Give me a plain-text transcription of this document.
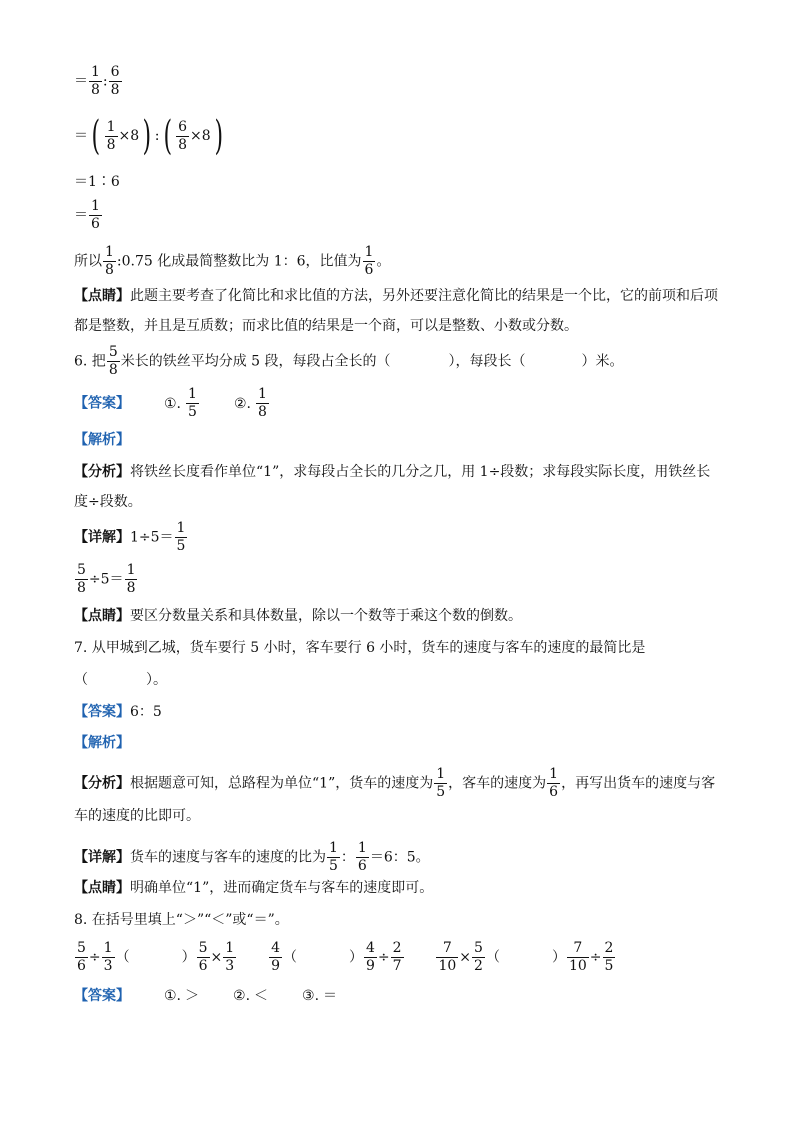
＝ $\frac{1}{8}$ : $\frac{6}{8}$
＝( $\frac{1}{8} \times 8$) :( $\frac{6}{8} \times 8$)
＝1∶6
＝ $\frac{1}{6}$
所以 $\frac{1}{8}$ :0.75 化成最简整数比为 1：6，比值为 $\frac{1}{6}$ 。
【点睛】此题主要考查了化简比和求比值的方法，另外还要注意化简比的结果是一个比，它的前项和后项
都是整数，并且是互质数；而求比值的结果是一个商，可以是整数、小数或分数。
6. 把 $\frac{5}{8}$ 米长的铁丝平均分成 5 段，每段占全长的（	），每段长（	）米。
【答案】 ①. $\frac{1}{5}$	②. $\frac{1}{8}$
【解析】
【分析】将铁丝长度看作单位“1”，求每段占全长的几分之几，用 1÷段数；求每段实际长度，用铁丝长
度÷段数。
【详解】$1\div 5= \frac{1}{5}$
$\frac{5}{8} \div 5= \frac{1}{8}$
【点睛】要区分数量关系和具体数量，除以一个数等于乘这个数的倒数。
7. 从甲城到乙城，货车要行 5 小时，客车要行 6 小时，货车的速度与客车的速度的最简比是
（	）。
【答案】6：5
【解析】
【分析】根据题意可知，总路程为单位“1”，货车的速度为 $\frac{1}{5}$ ，客车的速度为 $\frac{1}{6}$ ，再写出货车的速度与客
车的速度的比即可。
【详解】货车的速度与客车的速度的比为 $\frac{1}{5}$ ： $\frac{1}{6} =6$：5。
【点睛】明确单位“1”，进而确定货车与客车的速度即可。
8. 在括号里填上“＞”“＜”或“＝”。
$\frac{5}{6} \div \frac{1}{3}$ （	） $\frac{5}{6} \times \frac{1}{3}$
$\frac{4}{9}$ （	） $\frac{4}{9} \div \frac{2}{7}$
$\frac{7}{10} \times \frac{5}{2}$ （	） $\frac{7}{10} \div \frac{2}{5}$
【答案】 ①. ＞ ②. ＜ ③. ＝
